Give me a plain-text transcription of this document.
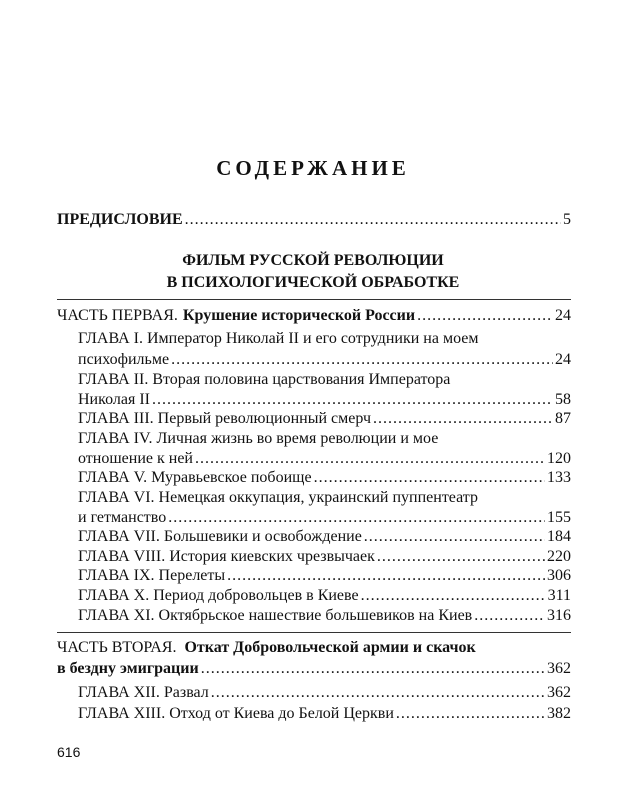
СОДЕРЖАНИЕ
ПРЕДИСЛОВИЕ .....	5
ФИЛЬМ РУССКОЙ РЕВОЛЮЦИИ
В ПСИХОЛОГИЧЕСКОЙ ОБРАБОТКЕ
ЧАСТЬ ПЕРВАЯ. Крушение исторической России .....	24
ГЛАВА I. Император Николай II и его сотрудники на моем
психофильме .....	24
ГЛАВА II. Вторая половина царствования Императора
Николая II .....	58
ГЛАВА III. Первый революционный смерч .....	87
ГЛАВА IV. Личная жизнь во время революции и мое
отношение к ней .....	120
ГЛАВА V. Муравьевское побоище .....	133
ГЛАВА VI. Немецкая оккупация, украинский пуппентеатр
и гетманство .....	155
ГЛАВА VII. Большевики и освобождение .....	184
ГЛАВА VIII. История киевских чрезвычаек .....	220
ГЛАВА IX. Перелеты .....	306
ГЛАВА X. Период добровольцев в Киеве .....	311
ГЛАВА XI. Октябрьское нашествие большевиков на Киев .....	316
ЧАСТЬ ВТОРАЯ. Откат Добровольческой армии и скачок
в бездну эмиграции .....	362
ГЛАВА XII. Развал .....	362
ГЛАВА XIII. Отход от Киева до Белой Церкви .....	382
616
